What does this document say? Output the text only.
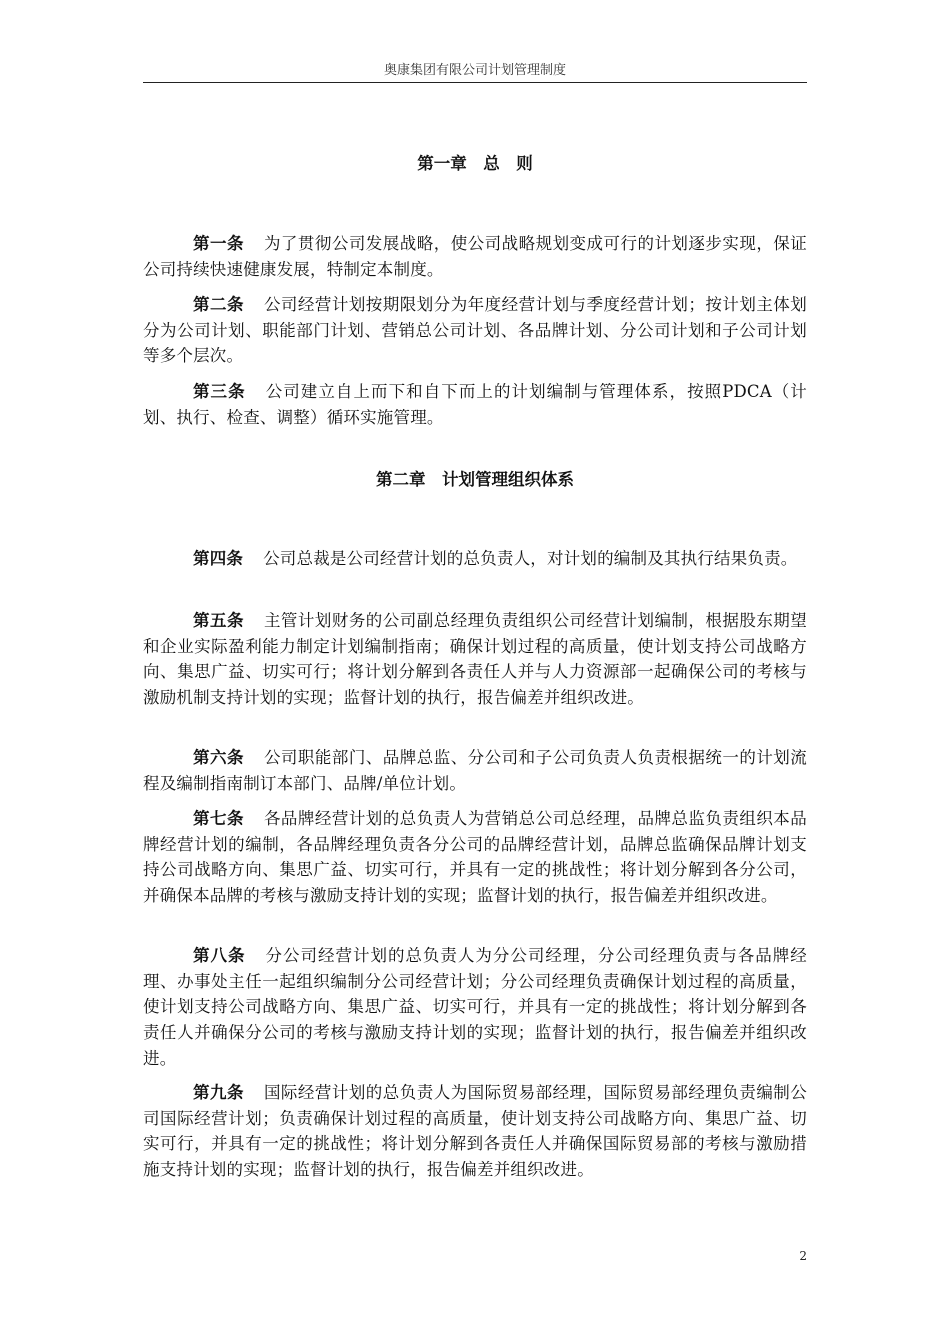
奥康集团有限公司计划管理制度
第一章　总　则

第一条 为了贯彻公司发展战略，使公司战略规划变成可行的计划逐步实现，保证公司持续快速健康发展，特制定本制度。

第二条 公司经营计划按期限划分为年度经营计划与季度经营计划；按计划主体划分为公司计划、职能部门计划、营销总公司计划、各品牌计划、分公司计划和子公司计划等多个层次。

第三条 公司建立自上而下和自下而上的计划编制与管理体系，按照PDCA（计划、执行、检查、调整）循环实施管理。

第二章　计划管理组织体系

第四条 公司总裁是公司经营计划的总负责人，对计划的编制及其执行结果负责。

第五条 主管计划财务的公司副总经理负责组织公司经营计划编制，根据股东期望和企业实际盈利能力制定计划编制指南；确保计划过程的高质量，使计划支持公司战略方向、集思广益、切实可行；将计划分解到各责任人并与人力资源部一起确保公司的考核与激励机制支持计划的实现；监督计划的执行，报告偏差并组织改进。

第六条 公司职能部门、品牌总监、分公司和子公司负责人负责根据统一的计划流程及编制指南制订本部门、品牌/单位计划。

第七条 各品牌经营计划的总负责人为营销总公司总经理，品牌总监负责组织本品牌经营计划的编制，各品牌经理负责各分公司的品牌经营计划，品牌总监确保品牌计划支持公司战略方向、集思广益、切实可行，并具有一定的挑战性；将计划分解到各分公司，并确保本品牌的考核与激励支持计划的实现；监督计划的执行，报告偏差并组织改进。

第八条 分公司经营计划的总负责人为分公司经理，分公司经理负责与各品牌经理、办事处主任一起组织编制分公司经营计划；分公司经理负责确保计划过程的高质量，使计划支持公司战略方向、集思广益、切实可行，并具有一定的挑战性；将计划分解到各责任人并确保分公司的考核与激励支持计划的实现；监督计划的执行，报告偏差并组织改进。

第九条 国际经营计划的总负责人为国际贸易部经理，国际贸易部经理负责编制公司国际经营计划；负责确保计划过程的高质量，使计划支持公司战略方向、集思广益、切实可行，并具有一定的挑战性；将计划分解到各责任人并确保国际贸易部的考核与激励措施支持计划的实现；监督计划的执行，报告偏差并组织改进。

2
